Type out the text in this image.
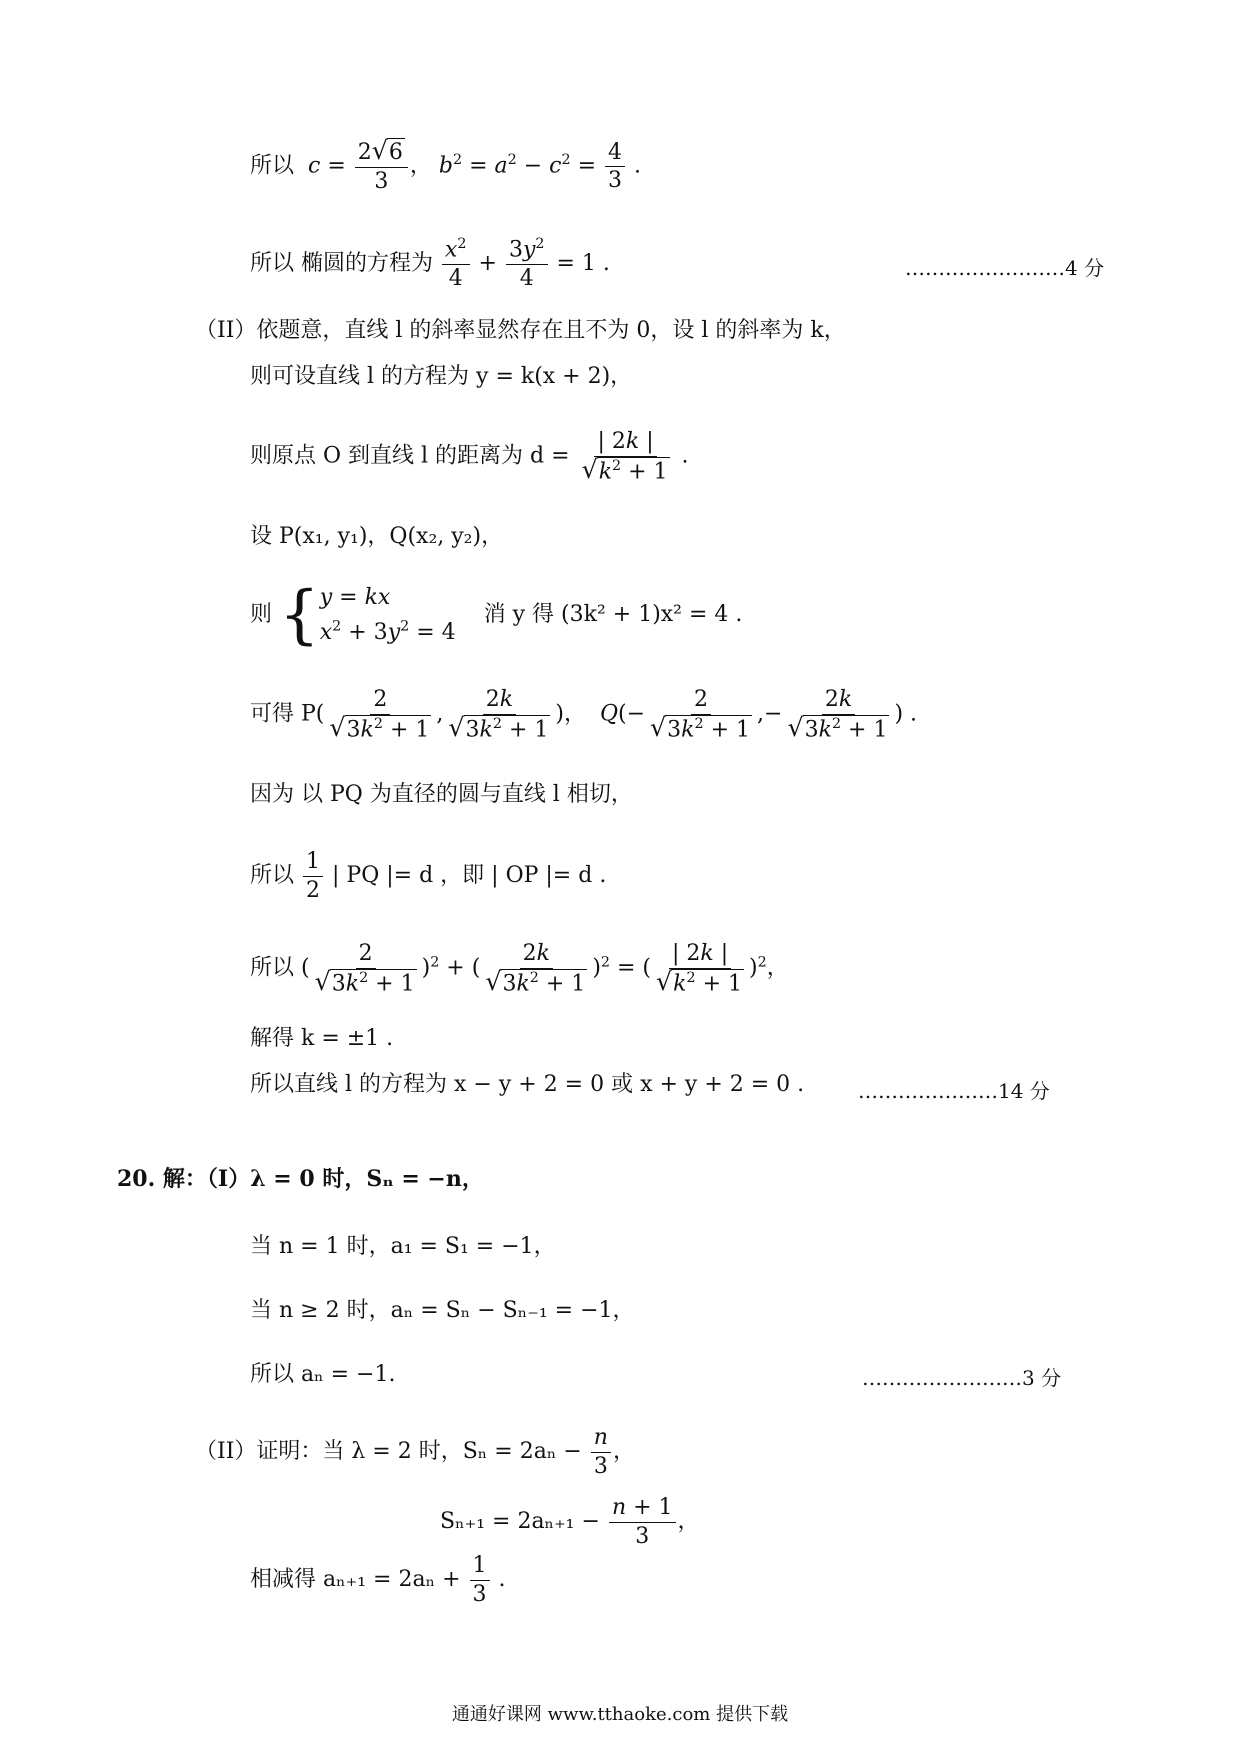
所以 $c = \frac{2 √ 6}{3}$ ， $b^2 = a^2 - c^2 = \frac{4}{3}$ .
所以 椭圆的方程为 $\frac{x^2}{4} + \frac{3y^2}{4} = 1$ .	……………………4 分
（II）依题意，直线 l 的斜率显然存在且不为 0，设 l 的斜率为 k，
则可设直线 l 的方程为 y = k(x + 2)，
则原点 O 到直线 l 的距离为 $d = \frac{| 2k |}{√ k^2 + 1}$ .
设 P(x₁, y₁)，Q(x₂, y₂)，
则 { y = kx
$x^2 + 3y^2 = 4$
消 y 得 (3k² + 1)x² = 4 .
可得 $P( \frac{2}{√ 3k^2 + 1}$ , $\frac{2k}{√ 3k^2 + 1}$ )，  $Q(- \frac{2}{√ 3k^2 + 1}$ ,− $\frac{2k}{√ 3k^2 + 1}$ ) .
因为 以 PQ 为直径的圆与直线 l 相切，
所以 $\frac{1}{2}$ | PQ |= d ，即 | OP |= d .
所以 ( $\frac{2}{√ 3k^2 + 1} )^2$ + ( $\frac{2k}{√ 3k^2 + 1} )^2$ = ( $\frac{| 2k |}{√ k^2 + 1} )^2$，
解得 k = ±1 .
所以直线 l 的方程为 x − y + 2 = 0 或 x + y + 2 = 0 .	…………………14 分
20. 解：（I）λ = 0 时，Sₙ = −n，
当 n = 1 时，a₁ = S₁ = −1，
当 n ≥ 2 时，aₙ = Sₙ − Sₙ₋₁ = −1，
所以 aₙ = −1.	……………………3 分
（II）证明：当 λ = 2 时，$S_n = 2a_n - \frac{n}{3}$ ，
$S_{n+1} = 2a_{n+1} - \frac{n + 1}{3}$ ，
相减得 $a_{n+1} = 2a_n + \frac{1}{3}$ .
通通好课网 www.tthaoke.com 提供下载
